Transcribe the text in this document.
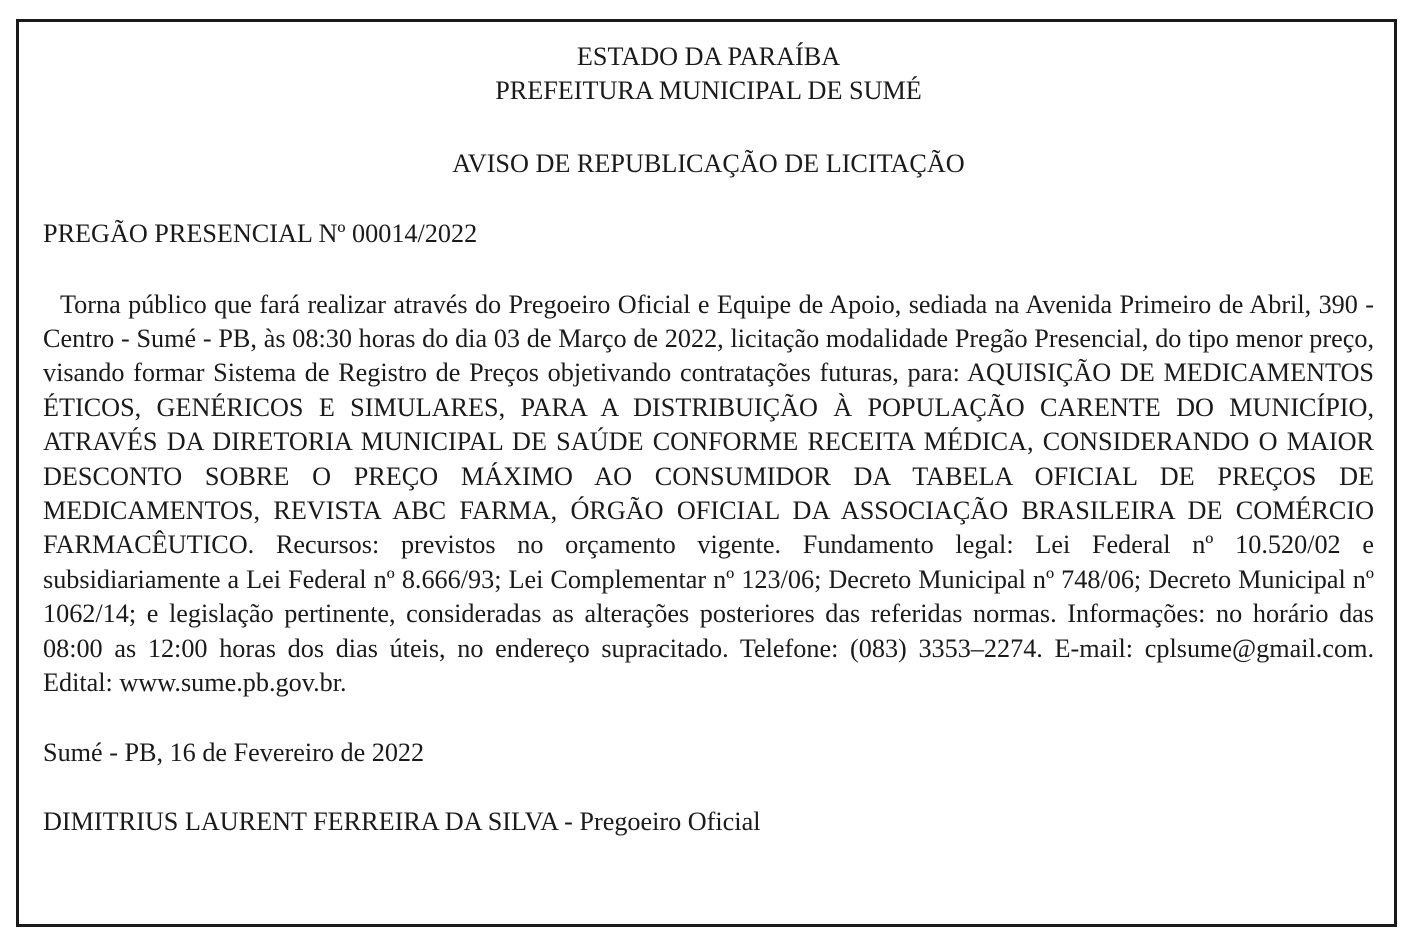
ESTADO DA PARAÍBA

PREFEITURA MUNICIPAL DE SUMÉ

AVISO DE REPUBLICAÇÃO DE LICITAÇÃO

PREGÃO PRESENCIAL Nº 00014/2022

Torna público que fará realizar através do Pregoeiro Oficial e Equipe de Apoio, sediada na Avenida Primeiro de Abril, 390 - Centro - Sumé - PB, às 08:30 horas do dia 03 de Março de 2022, licitação modalidade Pregão Presencial, do tipo menor preço, visando formar Sistema de Registro de Preços objetivando contratações futuras, para: AQUISIÇÃO DE MEDICAMENTOS ÉTICOS, GENÉRICOS E SIMULARES, PARA A DISTRIBUIÇÃO À POPULAÇÃO CARENTE DO MUNICÍPIO, ATRAVÉS DA DIRETORIA MUNICIPAL DE SAÚDE CONFORME RECEITA MÉDICA, CONSIDERANDO O MAIOR DESCONTO SOBRE O PREÇO MÁXIMO AO CONSUMIDOR DA TABELA OFICIAL DE PREÇOS DE MEDICAMENTOS, REVISTA ABC FARMA, ÓRGÃO OFICIAL DA ASSOCIAÇÃO BRASILEIRA DE COMÉRCIO FARMACÊUTICO. Recursos: previstos no orçamento vigente. Fundamento legal: Lei Federal nº 10.520/02 e subsidiariamente a Lei Federal nº 8.666/93; Lei Complementar nº 123/06; Decreto Municipal nº 748/06; Decreto Municipal nº 1062/14; e legislação pertinente, consideradas as alterações posteriores das referidas normas. Informações: no horário das 08:00 as 12:00 horas dos dias úteis, no endereço supracitado. Telefone: (083) 3353–2274. E-mail: cplsume@gmail.com. Edital: www.sume.pb.gov.br.

Sumé - PB, 16 de Fevereiro de 2022

DIMITRIUS LAURENT FERREIRA DA SILVA - Pregoeiro Oficial
